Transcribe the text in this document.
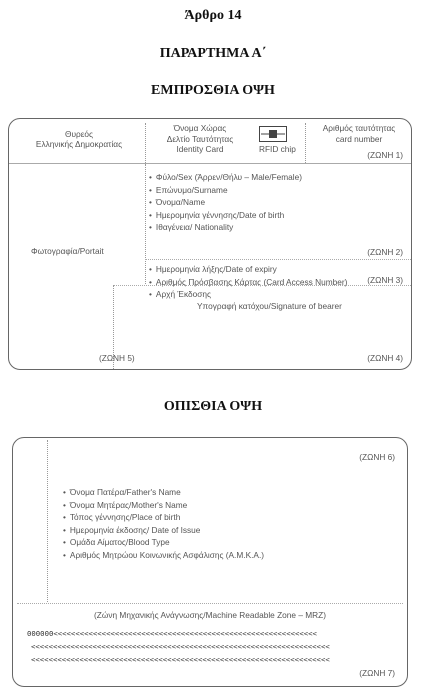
Άρθρο 14
ΠΑΡΑΡΤΗΜΑ Α΄
ΕΜΠΡΟΣΘΙΑ ΟΨΗ
Θυρεός
Ελληνικής Δημοκρατίας
Όνομα Χώρας
Δελτίο Ταυτότητας
Identity Card	RFID chip
Αριθμός ταυτότητας
card number
(ΖΩΝΗ 1)
Φωτογραφία/Portait
• Φύλο/Sex (Άρρεν/Θήλυ – Male/Female)
• Επώνυμο/Surname
• Όνομα/Name
• Ημερομηνία γέννησης/Date of birth
• Ιθαγένεια/ Nationality
(ΖΩΝΗ 2)
• Ημερομηνία λήξης/Date of expiry
• Αριθμός Πρόσβασης Κάρτας (Card Access Number)
• Αρχή Έκδοσης
(ΖΩΝΗ 3)
Υπογραφή κατόχου/Signature of bearer
(ΖΩΝΗ 4)
(ΖΩΝΗ 5)
ΟΠΙΣΘΙΑ ΟΨΗ
(ΖΩΝΗ 6)
• Όνομα Πατέρα/Father's Name
• Όνομα Μητέρας/Mother's Name
• Τόπος γέννησης/Place of birth
• Ημερομηνία έκδοσης/ Date of Issue
• Ομάδα Αίματος/Blood Type
• Αριθμός Μητρώου Κοινωνικής Ασφάλισης (Α.Μ.Κ.Α.)
(Ζώνη Μηχανικής Ανάγνωσης/Machine Readable Zone – MRZ)
000000<<<<<<<<<<<<<<<<<<<<<<<<<<<<<<<<<<<<<<<<<<<<<<<<<<<<<<<<<<<<
<<<<<<<<<<<<<<<<<<<<<<<<<<<<<<<<<<<<<<<<<<<<<<<<<<<<<<<<<<<<<<<<<<<<
<<<<<<<<<<<<<<<<<<<<<<<<<<<<<<<<<<<<<<<<<<<<<<<<<<<<<<<<<<<<<<<<<<<<
(ΖΩΝΗ 7)
